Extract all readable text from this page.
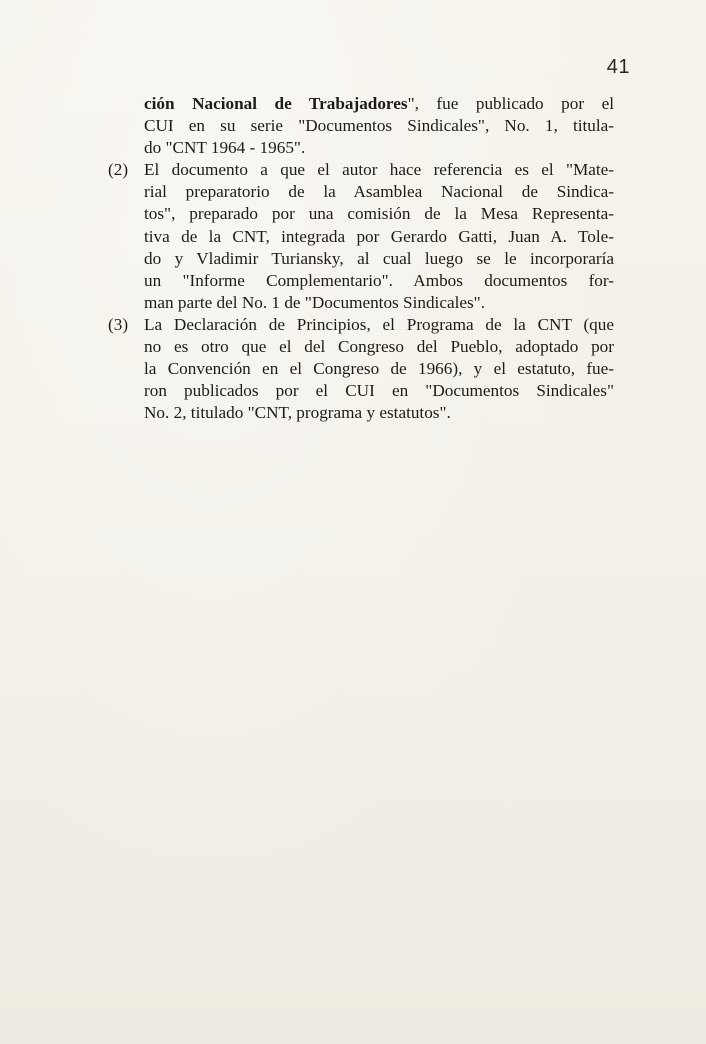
41
ción Nacional de Trabajadores", fue publicado por el
CUI en su serie "Documentos Sindicales", No. 1, titula-
do "CNT 1964 - 1965".
(2) El documento a que el autor hace referencia es el "Mate-
rial preparatorio de la Asamblea Nacional de Sindica-
tos", preparado por una comisión de la Mesa Representa-
tiva de la CNT, integrada por Gerardo Gatti, Juan A. Tole-
do y Vladimir Turiansky, al cual luego se le incorporaría
un "Informe Complementario". Ambos documentos for-
man parte del No. 1 de "Documentos Sindicales".
(3) La Declaración de Principios, el Programa de la CNT (que
no es otro que el del Congreso del Pueblo, adoptado por
la Convención en el Congreso de 1966), y el estatuto, fue-
ron publicados por el CUI en "Documentos Sindicales"
No. 2, titulado "CNT, programa y estatutos".
